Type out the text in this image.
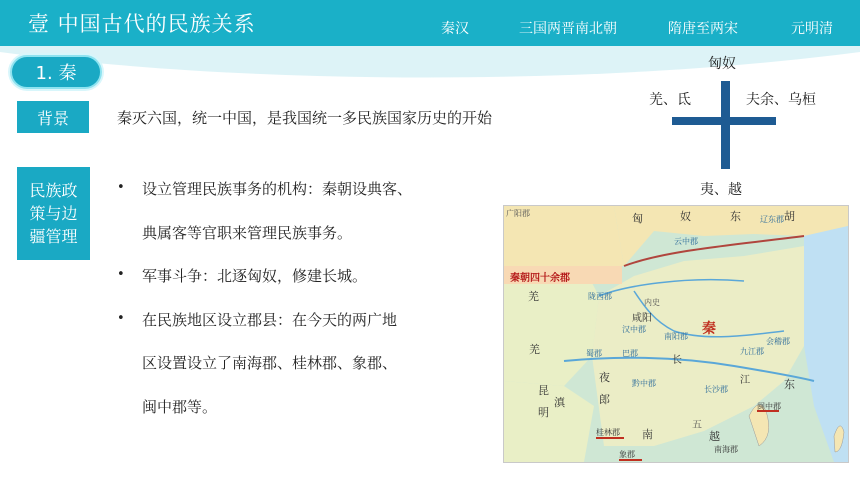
壹 中国古代的民族关系	秦汉	三国两晋南北朝	隋唐至两宋	元明清
1. 秦
背景	秦灭六国，统一中国，是我国统一多民族国家历史的开始
民族政
策与边
疆管理
• 设立管理民族事务的机构：秦朝设典客、
典属客等官职来管理民族事务。
• 军事斗争：北逐匈奴，修建长城。
• 在民族地区设立郡县：在今天的两广地
区设置设立了南海郡、桂林郡、象郡、
闽中郡等。
匈奴
羌、氐	夫余、乌桓
夷、越
广阳郡
秦朝四十余郡
羌
羌
秦
咸阳
内史
匈	奴	东	胡
夜
郎
昆
明
滇
南	越
五
桂林郡
象郡
闽中郡
南海郡
黔中郡
长沙郡
会稽郡
辽东郡
云中郡
陇西郡
蜀郡	巴郡
汉中郡
南阳郡
九江郡
东
长
江
